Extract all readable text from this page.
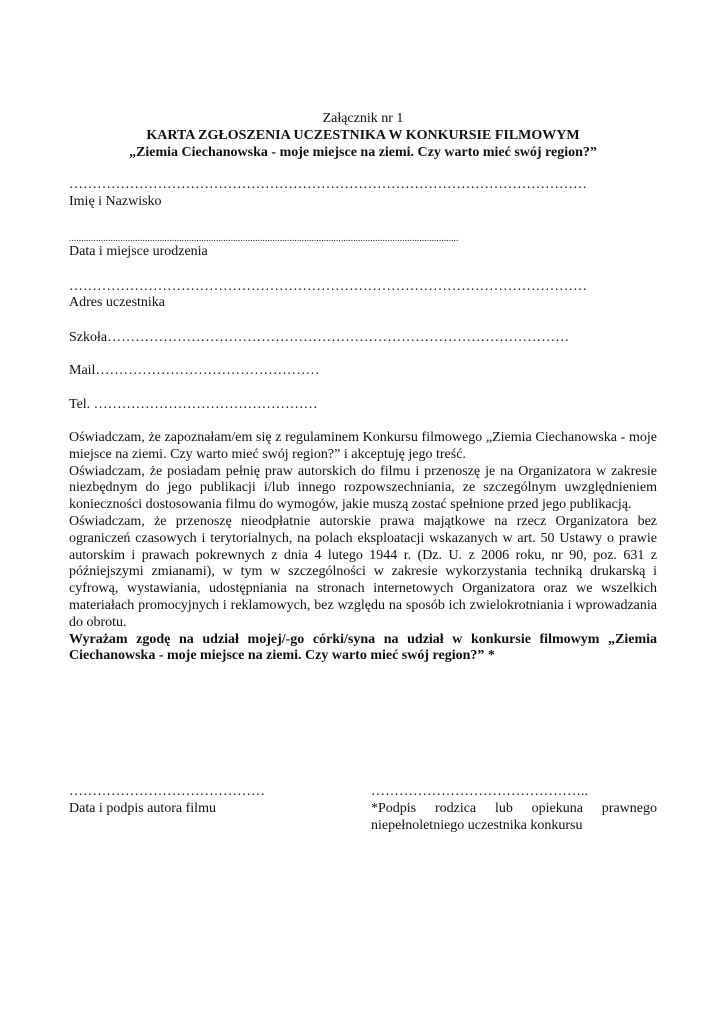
Załącznik nr 1
KARTA ZGŁOSZENIA UCZESTNIKA W KONKURSIE FILMOWYM
„Ziemia Ciechanowska - moje miejsce na ziemi. Czy warto mieć swój region?”
…………………………………………………………………………………………………
Imię i Nazwisko
...............................................................................................................................................................
Data i miejsce urodzenia
…………………………………………………………………………………………………
Adres uczestnika
Szkoła………………………………………………………………………………………
Mail…………………………………………
Tel. …………………………………………

Oświadczam, że zapoznałam/em się z regulaminem Konkursu filmowego „Ziemia Ciechanowska - moje miejsce na ziemi. Czy warto mieć swój region?” i akceptuję jego treść.

Oświadczam, że posiadam pełnię praw autorskich do filmu i przenoszę je na Organizatora w zakresie niezbędnym do jego publikacji i/lub innego rozpowszechniania, ze szczególnym uwzględnieniem konieczności dostosowania filmu do wymogów, jakie muszą zostać spełnione przed jego publikacją.

Oświadczam, że przenoszę nieodpłatnie autorskie prawa majątkowe na rzecz Organizatora bez ograniczeń czasowych i terytorialnych, na polach eksploatacji wskazanych w art. 50 Ustawy o prawie autorskim i prawach pokrewnych z dnia 4 lutego 1944 r. (Dz. U. z 2006 roku, nr 90, poz. 631 z późniejszymi zmianami), w tym w szczególności w zakresie wykorzystania techniką drukarską i cyfrową, wystawiania, udostępniania na stronach internetowych Organizatora oraz we wszelkich materiałach promocyjnych i reklamowych, bez względu na sposób ich zwielokrotniania i wprowadzania do obrotu.

Wyrażam zgodę na udział mojej/-go córki/syna na udział w konkursie filmowym „Ziemia Ciechanowska - moje miejsce na ziemi. Czy warto mieć swój region?” *

……………………………………
Data i podpis autora filmu
………………………………………..
*Podpis rodzica lub opiekuna prawnego niepełnoletniego uczestnika konkursu
